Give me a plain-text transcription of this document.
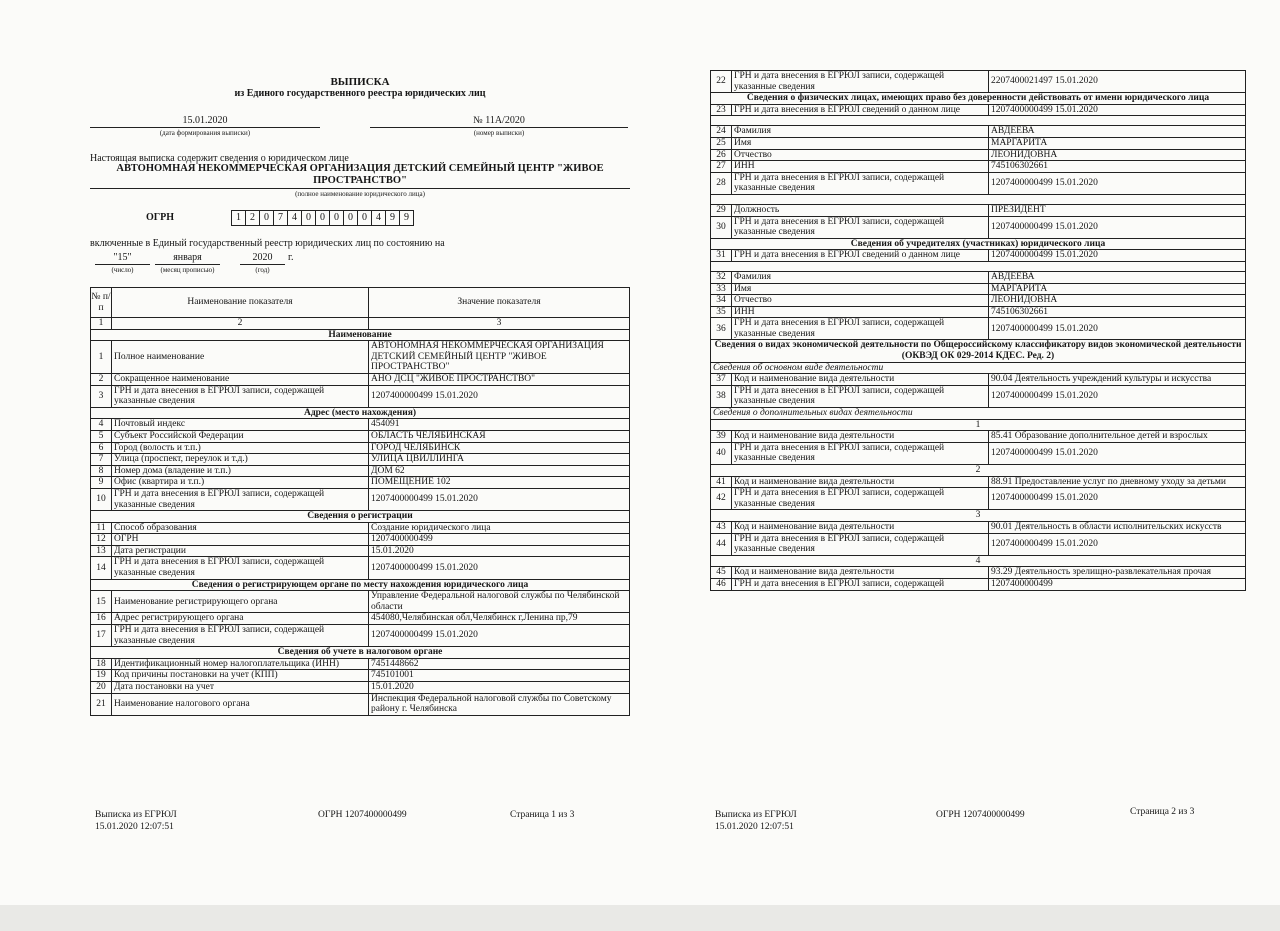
ВЫПИСКА
из Единого государственного реестра юридических лиц
15.01.2020
(дата формирования выписки)
№ 11А/2020
(номер выписки)
Настоящая выписка содержит сведения о юридическом лице
АВТОНОМНАЯ НЕКОММЕРЧЕСКАЯ ОРГАНИЗАЦИЯ ДЕТСКИЙ СЕМЕЙНЫЙ ЦЕНТР "ЖИВОЕ
ПРОСТРАНСТВО"
(полное наименование юридического лица)
ОГРН	1 2 0 7 4 0 0 0 0 0 4 9 9
включенные в Единый государственный реестр юридических лиц по состоянию на
"15"
(число)
января
(месяц прописью)
2020
(год)
г.
№ п/п	Наименование показателя	Значение показателя
1	2	3
Наименование		
1	Полное наименование	АВТОНОМНАЯ НЕКОММЕРЧЕСКАЯ ОРГАНИЗАЦИЯ ДЕТСКИЙ СЕМЕЙНЫЙ ЦЕНТР "ЖИВОЕ ПРОСТРАНСТВО"
2	Сокращенное наименование	АНО ДСЦ "ЖИВОЕ ПРОСТРАНСТВО"
3	ГРН и дата внесения в ЕГРЮЛ записи, содержащей указанные сведения	1207400000499 15.01.2020
Адрес (место нахождения)		
4	Почтовый индекс	454091
5	Субъект Российской Федерации	ОБЛАСТЬ ЧЕЛЯБИНСКАЯ
6	Город (волость и т.п.)	ГОРОД ЧЕЛЯБИНСК
7	Улица (проспект, переулок и т.д.)	УЛИЦА ЦВИЛЛИНГА
8	Номер дома (владение и т.п.)	ДОМ 62
9	Офис (квартира и т.п.)	ПОМЕЩЕНИЕ 102
10	ГРН и дата внесения в ЕГРЮЛ записи, содержащей указанные сведения	1207400000499 15.01.2020
Сведения о регистрации		
11	Способ образования	Создание юридического лица
12	ОГРН	1207400000499
13	Дата регистрации	15.01.2020
14	ГРН и дата внесения в ЕГРЮЛ записи, содержащей указанные сведения	1207400000499 15.01.2020
Сведения о регистрирующем органе по месту нахождения юридического лица		
15	Наименование регистрирующего органа	Управление Федеральной налоговой службы по Челябинской области
16	Адрес регистрирующего органа	454080,Челябинская обл,Челябинск г,Ленина пр,79
17	ГРН и дата внесения в ЕГРЮЛ записи, содержащей указанные сведения	1207400000499 15.01.2020
Сведения об учете в налоговом органе		
18	Идентификационный номер налогоплательщика (ИНН)	7451448662
19	Код причины постановки на учет (КПП)	745101001
20	Дата постановки на учет	15.01.2020
21	Наименование налогового органа	Инспекция Федеральной налоговой службы по Советскому району г. Челябинска
Выписка из ЕГРЮЛ
15.01.2020 12:07:51
ОГРН 1207400000499	Страница 1 из 3
22	ГРН и дата внесения в ЕГРЮЛ записи, содержащей указанные сведения	2207400021497 15.01.2020
Сведения о физических лицах, имеющих право без доверенности действовать от имени юридического лица		
23	ГРН и дата внесения в ЕГРЮЛ сведений о данном лице	1207400000499 15.01.2020

24	Фамилия	АВДЕЕВА
25	Имя	МАРГАРИТА
26	Отчество	ЛЕОНИДОВНА
27	ИНН	745106302661
28	ГРН и дата внесения в ЕГРЮЛ записи, содержащей указанные сведения	1207400000499 15.01.2020

29	Должность	ПРЕЗИДЕНТ
30	ГРН и дата внесения в ЕГРЮЛ записи, содержащей указанные сведения	1207400000499 15.01.2020
Сведения об учредителях (участниках) юридического лица		
31	ГРН и дата внесения в ЕГРЮЛ сведений о данном лице	1207400000499 15.01.2020

32	Фамилия	АВДЕЕВА
33	Имя	МАРГАРИТА
34	Отчество	ЛЕОНИДОВНА
35	ИНН	745106302661
36	ГРН и дата внесения в ЕГРЮЛ записи, содержащей указанные сведения	1207400000499 15.01.2020
Сведения о видах экономической деятельности по Общероссийскому классификатору видов экономической деятельности (ОКВЭД ОК 029-2014 КДЕС. Ред. 2)		
Сведения об основном виде деятельности		
37	Код и наименование вида деятельности	90.04 Деятельность учреждений культуры и искусства
38	ГРН и дата внесения в ЕГРЮЛ записи, содержащей указанные сведения	1207400000499 15.01.2020
Сведения о дополнительных видах деятельности		
1		
39	Код и наименование вида деятельности	85.41 Образование дополнительное детей и взрослых
40	ГРН и дата внесения в ЕГРЮЛ записи, содержащей указанные сведения	1207400000499 15.01.2020
2		
41	Код и наименование вида деятельности	88.91 Предоставление услуг по дневному уходу за детьми
42	ГРН и дата внесения в ЕГРЮЛ записи, содержащей указанные сведения	1207400000499 15.01.2020
3		
43	Код и наименование вида деятельности	90.01 Деятельность в области исполнительских искусств
44	ГРН и дата внесения в ЕГРЮЛ записи, содержащей указанные сведения	1207400000499 15.01.2020
4		
45	Код и наименование вида деятельности	93.29 Деятельность зрелищно-развлекательная прочая
46	ГРН и дата внесения в ЕГРЮЛ записи, содержащей	1207400000499
Выписка из ЕГРЮЛ
15.01.2020 12:07:51
ОГРН 1207400000499	Страница 2 из 3
